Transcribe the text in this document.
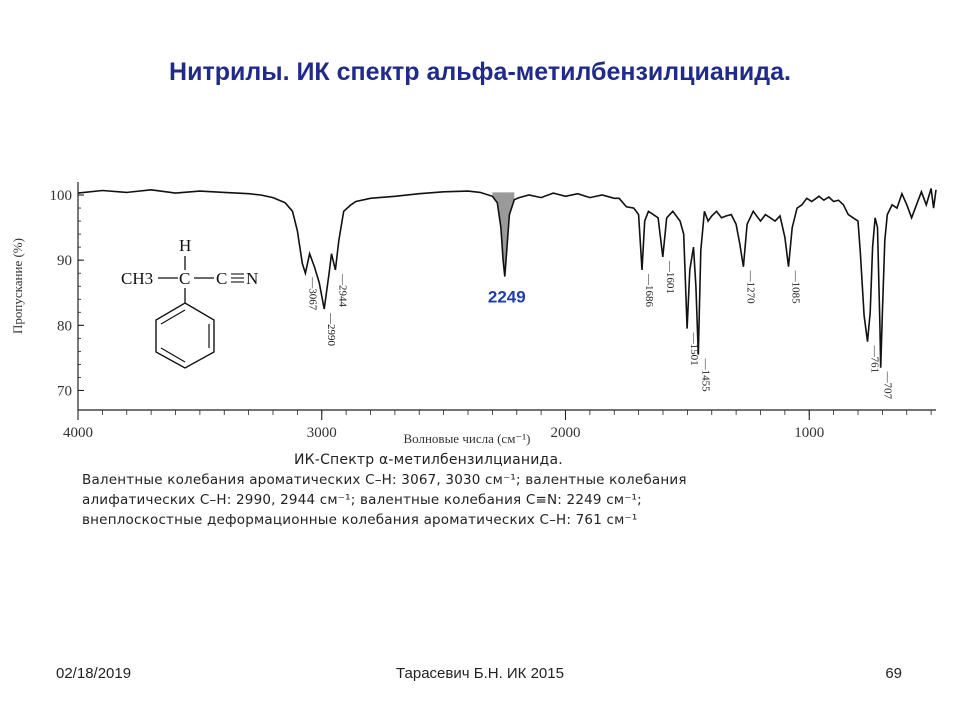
Нитрилы. ИК спектр альфа-метилбензилцианида.
—3067 —2944
—2990
—1686 —1601
—1501
—1455
—1270	—1085
—761
—707
2249
100
90
80
70
4000	3000	2000	1000
Волновые числа (см⁻¹)
Пропускание (%)	H
CH3 C C N
ИК-Спектр α-метилбензилцианида.
Валентные колебания ароматических C–H: 3067, 3030 см⁻¹; валентные колебания
алифатических C–H: 2990, 2944 см⁻¹; валентные колебания C≡N: 2249 см⁻¹;
внеплоскостные деформационные колебания ароматических C–H: 761 см⁻¹
02/18/2019	Тарасевич Б.Н. ИК 2015	69
